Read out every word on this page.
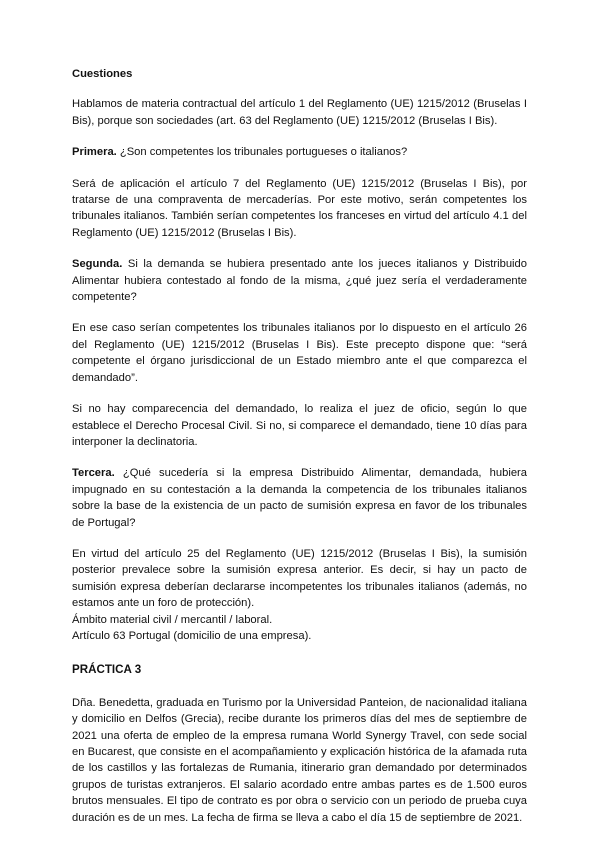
Cuestiones

Hablamos de materia contractual del artículo 1 del Reglamento (UE) 1215/2012 (Bruselas I Bis), porque son sociedades (art. 63 del Reglamento (UE) 1215/2012 (Bruselas I Bis).

Primera. ¿Son competentes los tribunales portugueses o italianos?

Será de aplicación el artículo 7 del Reglamento (UE) 1215/2012 (Bruselas I Bis), por tratarse de una compraventa de mercaderías. Por este motivo, serán competentes los tribunales italianos. También serían competentes los franceses en virtud del artículo 4.1 del Reglamento (UE) 1215/2012 (Bruselas I Bis).

Segunda. Si la demanda se hubiera presentado ante los jueces italianos y Distribuido Alimentar hubiera contestado al fondo de la misma, ¿qué juez sería el verdaderamente competente?

En ese caso serían competentes los tribunales italianos por lo dispuesto en el artículo 26 del Reglamento (UE) 1215/2012 (Bruselas I Bis). Este precepto dispone que: “será competente el órgano jurisdiccional de un Estado miembro ante el que comparezca el demandado”.

Si no hay comparecencia del demandado, lo realiza el juez de oficio, según lo que establece el Derecho Procesal Civil. Si no, si comparece el demandado, tiene 10 días para interponer la declinatoria.

Tercera. ¿Qué sucedería si la empresa Distribuido Alimentar, demandada, hubiera impugnado en su contestación a la demanda la competencia de los tribunales italianos sobre la base de la existencia de un pacto de sumisión expresa en favor de los tribunales de Portugal?

En virtud del artículo 25 del Reglamento (UE) 1215/2012 (Bruselas I Bis), la sumisión posterior prevalece sobre la sumisión expresa anterior. Es decir, si hay un pacto de sumisión expresa deberían declararse incompetentes los tribunales italianos (además, no estamos ante un foro de protección).

Ámbito material civil / mercantil / laboral.

Artículo 63 Portugal (domicilio de una empresa).

PRÁCTICA 3

Dña. Benedetta, graduada en Turismo por la Universidad Panteion, de nacionalidad italiana y domicilio en Delfos (Grecia), recibe durante los primeros días del mes de septiembre de 2021 una oferta de empleo de la empresa rumana World Synergy Travel, con sede social en Bucarest, que consiste en el acompañamiento y explicación histórica de la afamada ruta de los castillos y las fortalezas de Rumania, itinerario gran demandado por determinados grupos de turistas extranjeros. El salario acordado entre ambas partes es de 1.500 euros brutos mensuales. El tipo de contrato es por obra o servicio con un periodo de prueba cuya duración es de un mes. La fecha de firma se lleva a cabo el día 15 de septiembre de 2021.
